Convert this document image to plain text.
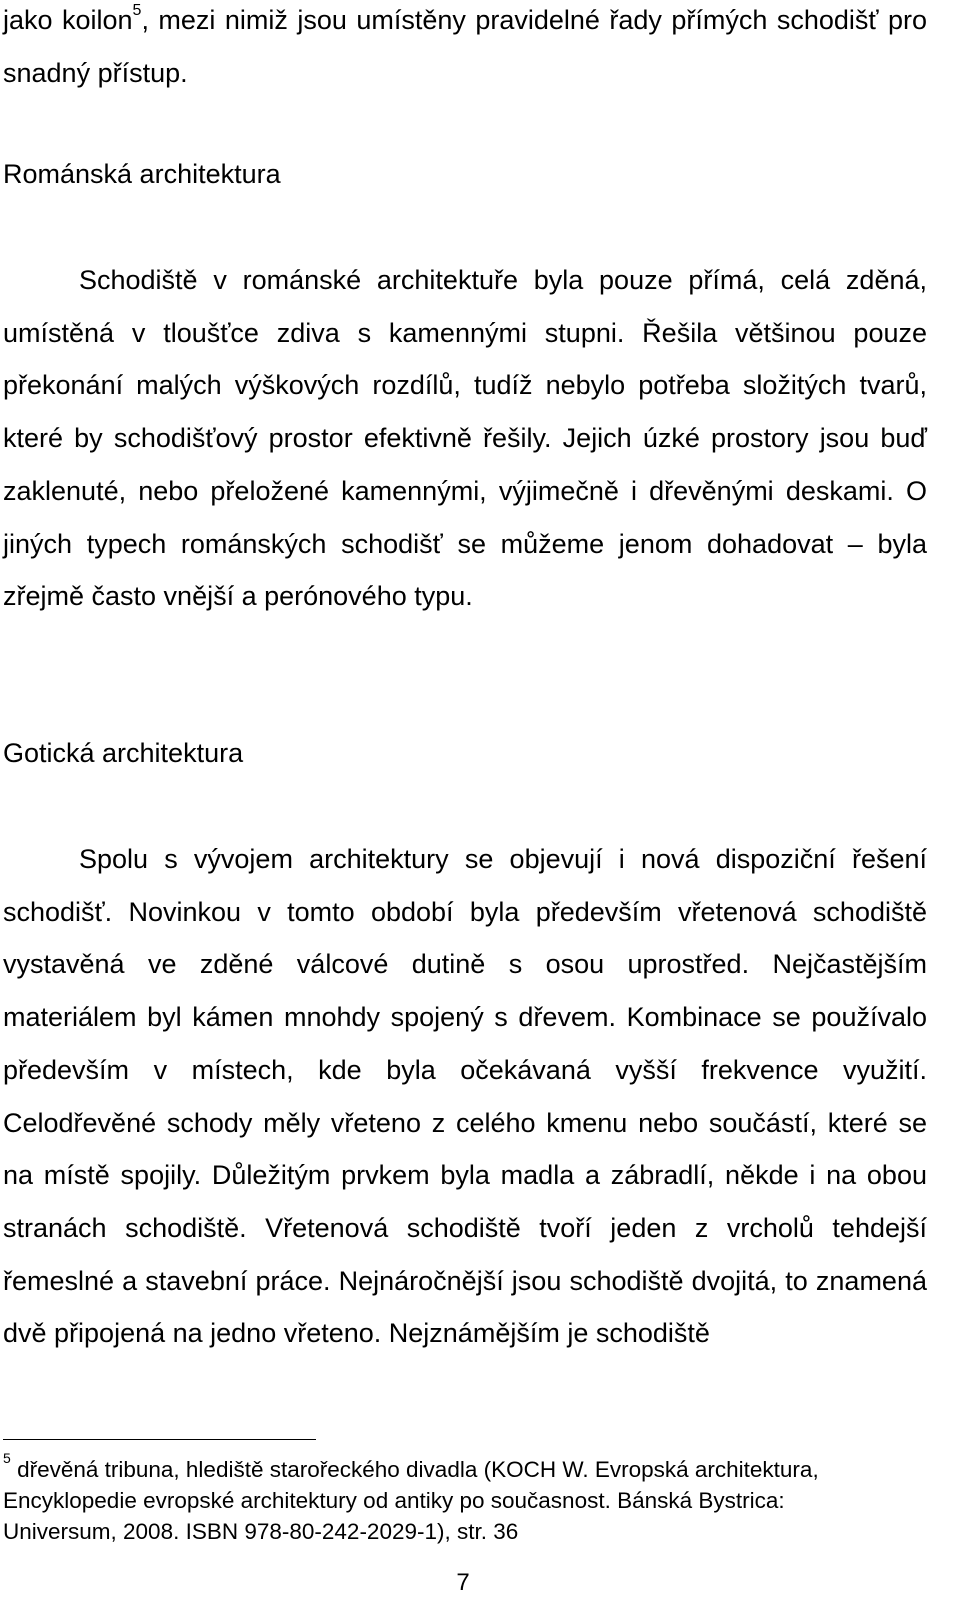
jako koilon$^5$, mezi nimiž jsou umístěny pravidelné řady přímých schodišť pro snadný přístup.

Románská architektura

Schodiště v románské architektuře byla pouze přímá, celá zděná, umístěná v tloušťce zdiva s kamennými stupni. Řešila většinou pouze překonání malých výškových rozdílů, tudíž nebylo potřeba složitých tvarů, které by schodišťový prostor efektivně řešily. Jejich úzké prostory jsou buď zaklenuté, nebo přeložené kamennými, výjimečně i dřevěnými deskami. O jiných typech románských schodišť se můžeme jenom dohadovat – byla zřejmě často vnější a perónového typu.

Gotická architektura

Spolu s vývojem architektury se objevují i nová dispoziční řešení schodišť. Novinkou v tomto období byla především vřetenová schodiště vystavěná ve zděné válcové dutině s osou uprostřed. Nejčastějším materiálem byl kámen mnohdy spojený s dřevem. Kombinace se používalo především v místech, kde byla očekávaná vyšší frekvence využití. Celodřevěné schody měly vřeteno z celého kmenu nebo součástí, které se na místě spojily. Důležitým prvkem byla madla a zábradlí, někde i na obou stranách schodiště. Vřetenová schodiště tvoří jeden z vrcholů tehdejší řemeslné a stavební práce. Nejnáročnější jsou schodiště dvojitá, to znamená dvě připojená na jedno vřeteno. Nejznámějším je schodiště

$^5$ dřevěná tribuna, hlediště starořeckého divadla (KOCH W. Evropská architektura, Encyklopedie evropské architektury od antiky po současnost. Bánská Bystrica: Universum, 2008. ISBN 978-80-242-2029-1), str. 36

7
